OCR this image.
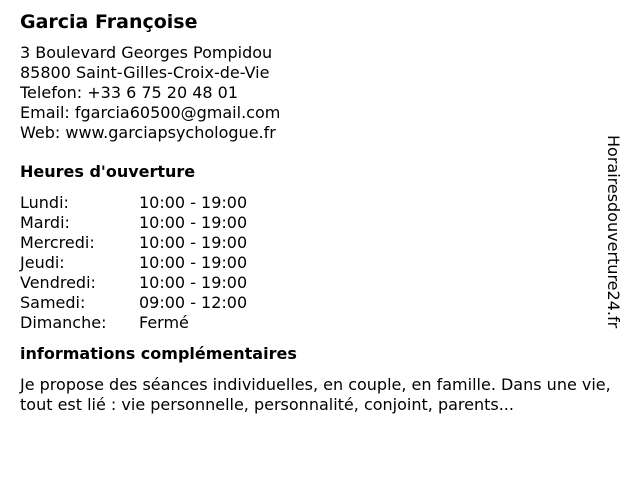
Garcia Françoise
3 Boulevard Georges Pompidou
85800 Saint-Gilles-Croix-de-Vie
Telefon: +33 6 75 20 48 01
Email: fgarcia60500@gmail.com
Web: www.garciapsychologue.fr
Heures d'ouverture
Lundi:	10:00 - 19:00
Mardi:	10:00 - 19:00
Mercredi:	10:00 - 19:00
Jeudi:	10:00 - 19:00
Vendredi:	10:00 - 19:00
Samedi:	09:00 - 12:00
Dimanche:	Fermé
informations complémentaires
Je propose des séances individuelles, en couple, en famille. Dans une vie, tout est lié : vie personnelle, personnalité, conjoint, parents...
Horairesdouverture24.fr
